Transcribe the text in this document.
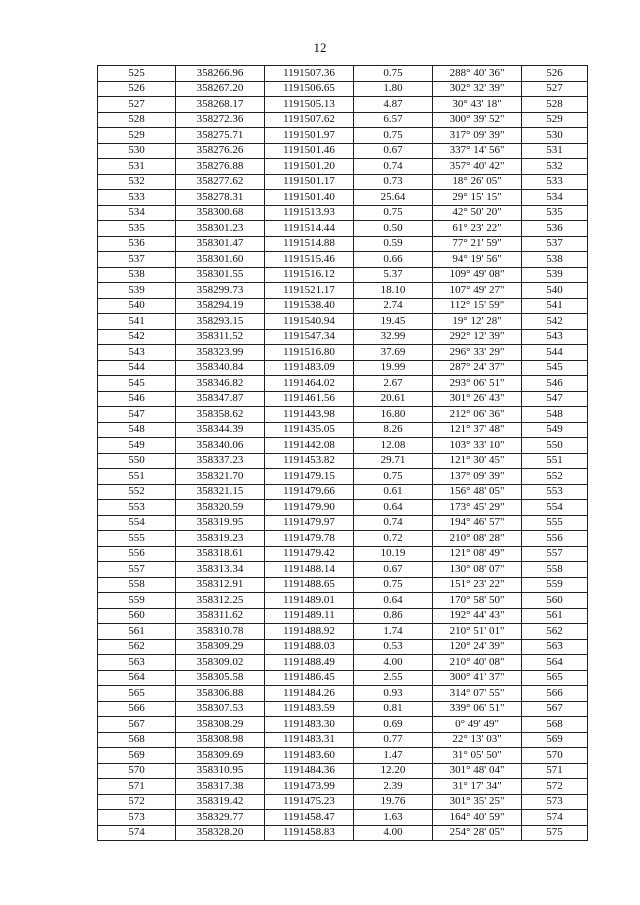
12
525	358266.96	1191507.36	0.75	288° 40' 36"	526
526	358267.20	1191506.65	1.80	302° 32' 39"	527
527	358268.17	1191505.13	4.87	30° 43' 18"	528
528	358272.36	1191507.62	6.57	300° 39' 52"	529
529	358275.71	1191501.97	0.75	317° 09' 39"	530
530	358276.26	1191501.46	0.67	337° 14' 56"	531
531	358276.88	1191501.20	0.74	357° 40' 42"	532
532	358277.62	1191501.17	0.73	18° 26' 05"	533
533	358278.31	1191501.40	25.64	29° 15' 15"	534
534	358300.68	1191513.93	0.75	42° 50' 20"	535
535	358301.23	1191514.44	0.50	61° 23' 22"	536
536	358301.47	1191514.88	0.59	77° 21' 59"	537
537	358301.60	1191515.46	0.66	94° 19' 56"	538
538	358301.55	1191516.12	5.37	109° 49' 08"	539
539	358299.73	1191521.17	18.10	107° 49' 27"	540
540	358294.19	1191538.40	2.74	112° 15' 59"	541
541	358293.15	1191540.94	19.45	19° 12' 28"	542
542	358311.52	1191547.34	32.99	292° 12' 39"	543
543	358323.99	1191516.80	37.69	296° 33' 29"	544
544	358340.84	1191483.09	19.99	287° 24' 37"	545
545	358346.82	1191464.02	2.67	293° 06' 51"	546
546	358347.87	1191461.56	20.61	301° 26' 43"	547
547	358358.62	1191443.98	16.80	212° 06' 36"	548
548	358344.39	1191435.05	8.26	121° 37' 48"	549
549	358340.06	1191442.08	12.08	103° 33' 10"	550
550	358337.23	1191453.82	29.71	121° 30' 45"	551
551	358321.70	1191479.15	0.75	137° 09' 39"	552
552	358321.15	1191479.66	0.61	156° 48' 05"	553
553	358320.59	1191479.90	0.64	173° 45' 29"	554
554	358319.95	1191479.97	0.74	194° 46' 57"	555
555	358319.23	1191479.78	0.72	210° 08' 28"	556
556	358318.61	1191479.42	10.19	121° 08' 49"	557
557	358313.34	1191488.14	0.67	130° 08' 07"	558
558	358312.91	1191488.65	0.75	151° 23' 22"	559
559	358312.25	1191489.01	0.64	170° 58' 50"	560
560	358311.62	1191489.11	0.86	192° 44' 43"	561
561	358310.78	1191488.92	1.74	210° 51' 01"	562
562	358309.29	1191488.03	0.53	120° 24' 39"	563
563	358309.02	1191488.49	4.00	210° 40' 08"	564
564	358305.58	1191486.45	2.55	300° 41' 37"	565
565	358306.88	1191484.26	0.93	314° 07' 55"	566
566	358307.53	1191483.59	0.81	339° 06' 51"	567
567	358308.29	1191483.30	0.69	0° 49' 49"	568
568	358308.98	1191483.31	0.77	22° 13' 03"	569
569	358309.69	1191483.60	1.47	31° 05' 50"	570
570	358310.95	1191484.36	12.20	301° 48' 04"	571
571	358317.38	1191473.99	2.39	31° 17' 34"	572
572	358319.42	1191475.23	19.76	301° 35' 25"	573
573	358329.77	1191458.47	1.63	164° 40' 59"	574
574	358328.20	1191458.83	4.00	254° 28' 05"	575
